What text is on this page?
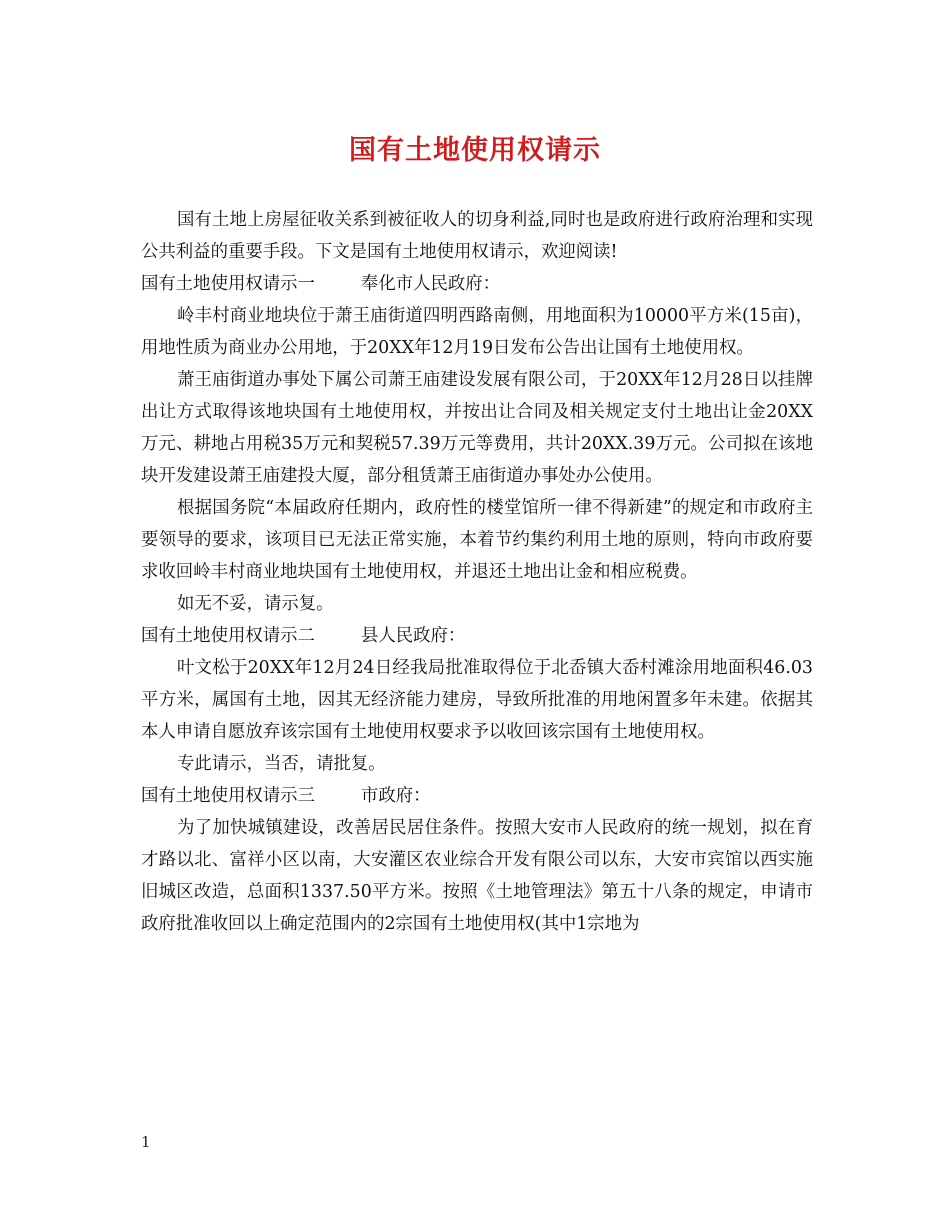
国有土地使用权请示

国有土地上房屋征收关系到被征收人的切身利益,同时也是政府进行政府治理和实现公共利益的重要手段。下文是国有土地使用权请示，欢迎阅读!

国有土地使用权请示一	奉化市人民政府：

岭丰村商业地块位于萧王庙街道四明西路南侧，用地面积为10000平方米(15亩)，用地性质为商业办公用地，于20XX年12月19日发布公告出让国有土地使用权。

萧王庙街道办事处下属公司萧王庙建设发展有限公司，于20XX年12月28日以挂牌出让方式取得该地块国有土地使用权，并按出让合同及相关规定支付土地出让金20XX万元、耕地占用税35万元和契税57.39万元等费用，共计20XX.39万元。公司拟在该地块开发建设萧王庙建投大厦，部分租赁萧王庙街道办事处办公使用。

根据国务院“本届政府任期内，政府性的楼堂馆所一律不得新建”的规定和市政府主要领导的要求，该项目已无法正常实施，本着节约集约利用土地的原则，特向市政府要求收回岭丰村商业地块国有土地使用权，并退还土地出让金和相应税费。

如无不妥，请示复。

国有土地使用权请示二	县人民政府：

叶文松于20XX年12月24日经我局批准取得位于北岙镇大岙村滩涂用地面积46.03平方米，属国有土地，因其无经济能力建房，导致所批准的用地闲置多年未建。依据其本人申请自愿放弃该宗国有土地使用权要求予以收回该宗国有土地使用权。

专此请示，当否，请批复。

国有土地使用权请示三	市政府：

为了加快城镇建设，改善居民居住条件。按照大安市人民政府的统一规划，拟在育才路以北、富祥小区以南，大安灌区农业综合开发有限公司以东，大安市宾馆以西实施旧城区改造，总面积1337.50平方米。按照《土地管理法》第五十八条的规定，申请市政府批准收回以上确定范围内的2宗国有土地使用权(其中1宗地为

1
